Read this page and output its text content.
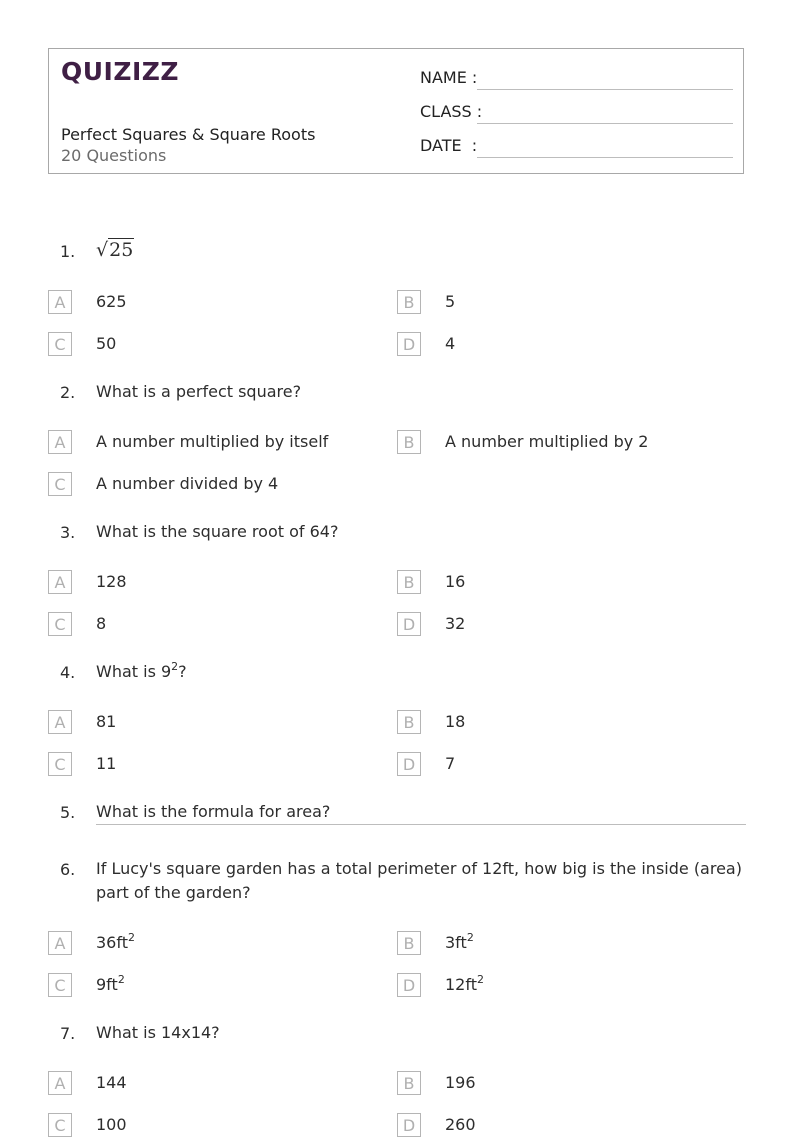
QUIZIZZ
Perfect Squares & Square Roots
20 Questions
NAME :
CLASS :
DATE  :
1. √25
A	625	B	5
C	50	D	4
2. What is a perfect square?
A	A number multiplied by itself	B	A number multiplied by 2
C	A number divided by 4
3. What is the square root of 64?
A	128	B	16
C	8	D	32
4. What is $9^2$?
A	81	B	18
C	11	D	7
5. What is the formula for area?
6. If Lucy's square garden has a total perimeter of 12ft, how big is the inside (area) part of the garden?
A	$36ft^2$	B	$3ft^2$
C	$9ft^2$	D	$12ft^2$
7. What is 14x14?
A	144	B	196
C	100	D	260
